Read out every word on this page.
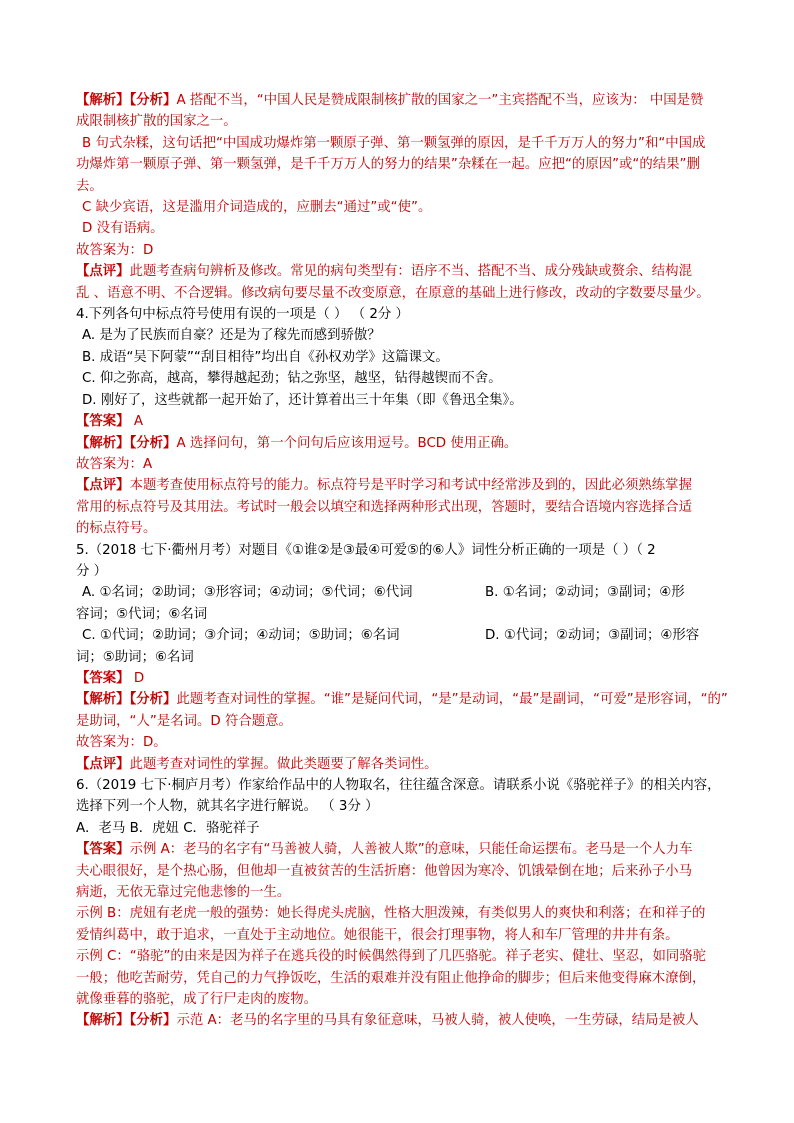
【解析】【分析】A 搭配不当，“中国人民是赞成限制核扩散的国家之一”主宾搭配不当，应该为： 中国是赞
成限制核扩散的国家之一。
B 句式杂糅，这句话把“中国成功爆炸第一颗原子弹、第一颗氢弹的原因，是千千万万人的努力”和“中国成
功爆炸第一颗原子弹、第一颗氢弹，是千千万万人的努力的结果”杂糅在一起。应把“的原因”或“的结果”删
去。
C 缺少宾语，这是滥用介词造成的，应删去“通过”或“使”。
D 没有语病。
故答案为：D
【点评】此题考查病句辨析及修改。常见的病句类型有：语序不当、搭配不当、成分残缺或赘余、结构混
乱 、语意不明、不合逻辑。修改病句要尽量不改变原意，在原意的基础上进行修改，改动的字数要尽量少。
4.下列各句中标点符号使用有误的一项是（ ） （ 2分 ）
A. 是为了民族而自豪？还是为了稼先而感到骄傲？
B. 成语“吴下阿蒙”“刮目相待”均出自《孙权劝学》这篇课文。
C. 仰之弥高，越高，攀得越起劲；钻之弥坚，越坚，钻得越锲而不舍。
D. 刚好了，这些就都一起开始了，还计算着出三十年集（即《鲁迅全集》。
【答案】 A
【解析】【分析】A 选择问句，第一个问句后应该用逗号。BCD 使用正确。
故答案为：A
【点评】本题考查使用标点符号的能力。标点符号是平时学习和考试中经常涉及到的，因此必须熟练掌握
常用的标点符号及其用法。考试时一般会以填空和选择两种形式出现，答题时，要结合语境内容选择合适
的标点符号。
5.（2018 七下·衢州月考）对题目《①谁②是③最④可爱⑤的⑥人》词性分析正确的一项是（ ）（ 2
分 ）
A. ①名词；②助词；③形容词；④动词；⑤代词；⑥代词	B. ①名词；②动词；③副词；④形
容词；⑤代词；⑥名词
C. ①代词；②助词；③介词；④动词；⑤助词；⑥名词	D. ①代词；②动词；③副词；④形容
词；⑤助词；⑥名词
【答案】 D
【解析】【分析】此题考查对词性的掌握。“谁”是疑问代词，“是”是动词，“最”是副词，“可爱”是形容词，“的”
是助词，“人”是名词。D 符合题意。
故答案为：D。
【点评】此题考查对词性的掌握。做此类题要了解各类词性。
6.（2019 七下·桐庐月考）作家给作品中的人物取名，往往蕴含深意。请联系小说《骆驼祥子》的相关内容，
选择下列一个人物，就其名字进行解说。 （ 3分 ）
A．老马 B．虎妞 C．骆驼祥子
【答案】示例 A：老马的名字有“马善被人骑，人善被人欺”的意味，只能任命运摆布。老马是一个人力车
夫心眼很好，是个热心肠，但他却一直被贫苦的生活折磨：他曾因为寒冷、饥饿晕倒在地；后来孙子小马
病逝，无依无靠过完他悲惨的一生。
示例 B：虎妞有老虎一般的强势：她长得虎头虎脑，性格大胆泼辣，有类似男人的爽快和利落；在和祥子的
爱情纠葛中，敢于追求，一直处于主动地位。她很能干，很会打理事物，将人和车厂管理的井井有条。
示例 C：“骆驼”的由来是因为祥子在逃兵役的时候偶然得到了几匹骆驼。祥子老实、健壮、坚忍，如同骆驼
一般；他吃苦耐劳，凭自己的力气挣饭吃，生活的艰难并没有阻止他挣命的脚步；但后来他变得麻木潦倒，
就像垂暮的骆驼，成了行尸走肉的废物。
【解析】【分析】示范 A：老马的名字里的马具有象征意味，马被人骑，被人使唤，一生劳碌，结局是被人
